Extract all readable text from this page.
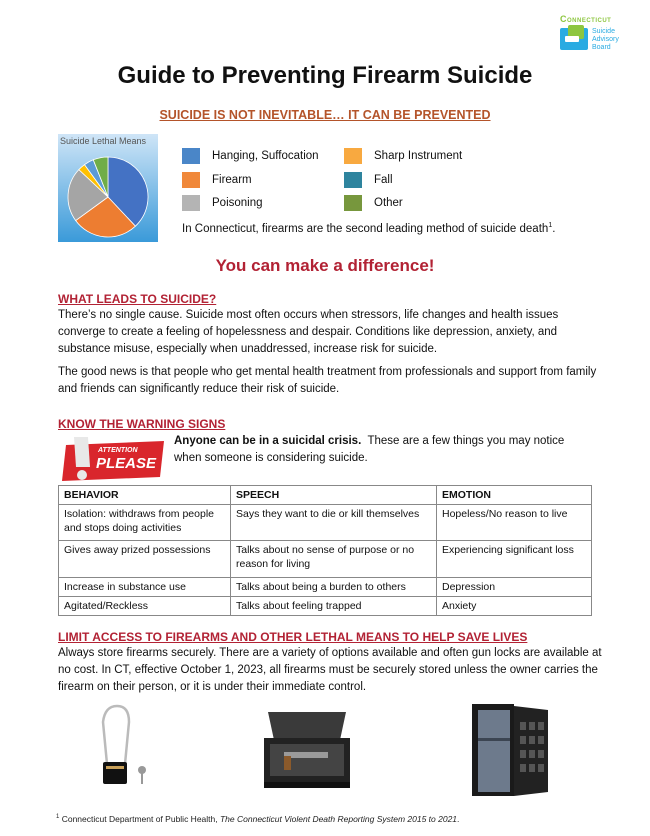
Connecticut
Suicide
Advisory
Board
Guide to Preventing Firearm Suicide
SUICIDE IS NOT INEVITABLE… IT CAN BE PREVENTED
Suicide Lethal Means
Hanging, Suffocation
Firearm
Poisoning
Sharp Instrument
Fall
Other
In Connecticut, firearms are the second leading method of suicide death$^1$.
You can make a difference!
WHAT LEADS TO SUICIDE?

There’s no single cause. Suicide most often occurs when stressors, life changes and health issues converge to create a feeling of hopelessness and despair. Conditions like depression, anxiety, and substance misuse, especially when unaddressed, increase risk for suicide.

The good news is that people who get mental health treatment from professionals and support from family and friends can significantly reduce their risk of suicide.

KNOW THE WARNING SIGNS
ATTENTION
PLEASE
Anyone can be in a suicidal crisis.  These are a few things you may notice when someone is considering suicide.
BEHAVIOR	SPEECH	EMOTION
Isolation: withdraws from people and stops doing activities	Says they want to die or kill themselves	Hopeless/No reason to live
Gives away prized possessions	Talks about no sense of purpose or no reason for living	Experiencing significant loss
Increase in substance use	Talks about being a burden to others	Depression
Agitated/Reckless	Talks about feeling trapped	Anxiety
LIMIT ACCESS TO FIREARMS AND OTHER LETHAL MEANS TO HELP SAVE LIVES

Always store firearms securely. There are a variety of options available and often gun locks are available at no cost. In CT, effective October 1, 2023, all firearms must be securely stored unless the owner carries the firearm on their person, or it is under their immediate control.

$^1$ Connecticut Department of Public Health, The Connecticut Violent Death Reporting System 2015 to 2021.
